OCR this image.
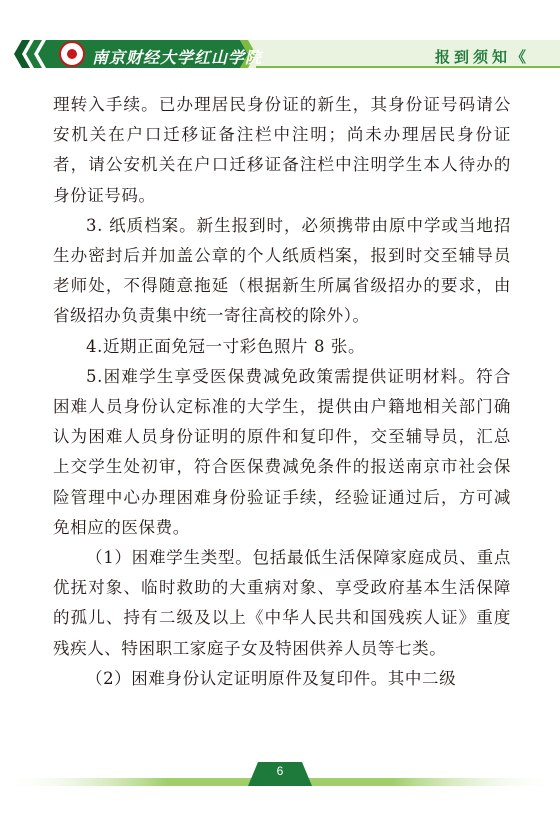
南京财经大学红山学院	报到须知《

理转入手续。已办理居民身份证的新生，其身份证号码请公安机关在户口迁移证备注栏中注明；尚未办理居民身份证者，请公安机关在户口迁移证备注栏中注明学生本人待办的身份证号码。

3. 纸质档案。新生报到时，必须携带由原中学或当地招生办密封后并加盖公章的个人纸质档案，报到时交至辅导员老师处，不得随意拖延（根据新生所属省级招办的要求，由省级招办负责集中统一寄往高校的除外）。

4.近期正面免冠一寸彩色照片 8 张。

5.困难学生享受医保费减免政策需提供证明材料。符合困难人员身份认定标准的大学生，提供由户籍地相关部门确认为困难人员身份证明的原件和复印件，交至辅导员，汇总上交学生处初审，符合医保费减免条件的报送南京市社会保险管理中心办理困难身份验证手续，经验证通过后，方可减免相应的医保费。

（1）困难学生类型。包括最低生活保障家庭成员、重点优抚对象、临时救助的大重病对象、享受政府基本生活保障的孤儿、持有二级及以上《中华人民共和国残疾人证》重度残疾人、特困职工家庭子女及特困供养人员等七类。

（2）困难身份认定证明原件及复印件。其中二级

6
